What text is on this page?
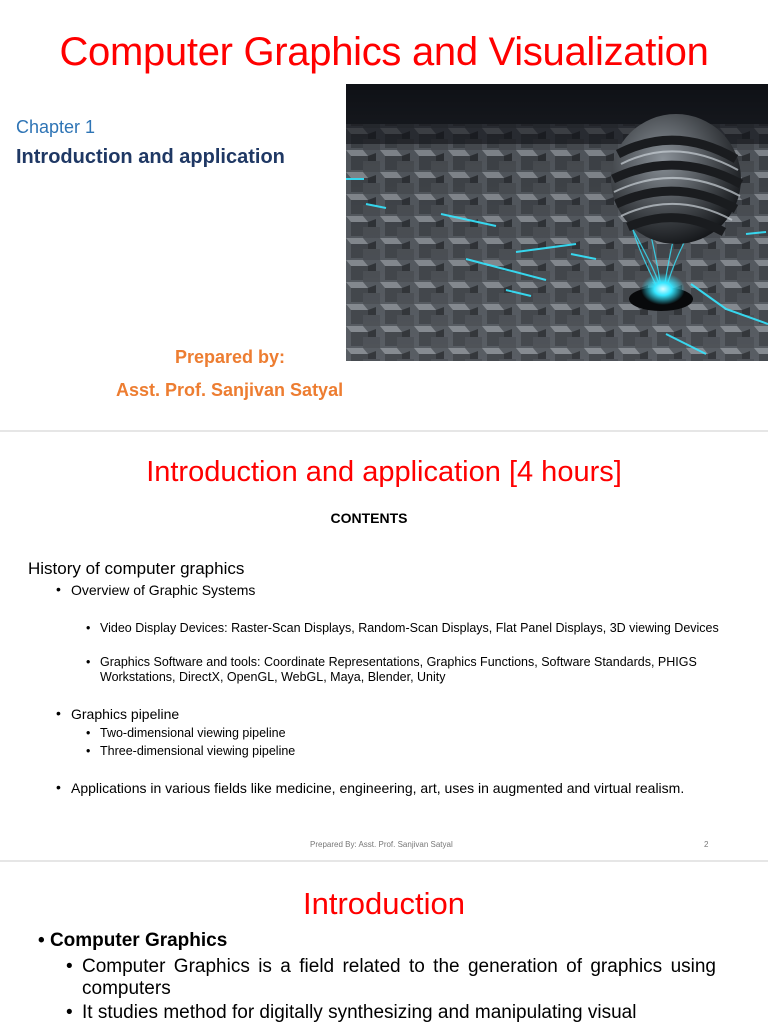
Computer Graphics and Visualization
Chapter 1
Introduction and application
Prepared by:
Asst. Prof. Sanjivan Satyal
Introduction and application [4 hours]
CONTENTS
History of computer graphics
• Overview of Graphic Systems
• Video Display Devices: Raster-Scan Displays, Random-Scan Displays, Flat Panel Displays, 3D viewing Devices
• Graphics Software and tools: Coordinate Representations, Graphics Functions, Software Standards, PHIGS Workstations, DirectX, OpenGL, WebGL, Maya, Blender, Unity
• Graphics pipeline
• Two-dimensional viewing pipeline
• Three-dimensional viewing pipeline
• Applications in various fields like medicine, engineering, art, uses in augmented and virtual realism.
Prepared By: Asst. Prof. Sanjivan Satyal	2
Introduction
• Computer Graphics
• Computer Graphics is a field related to the generation of graphics using computers
• It studies method for digitally synthesizing and manipulating visual
